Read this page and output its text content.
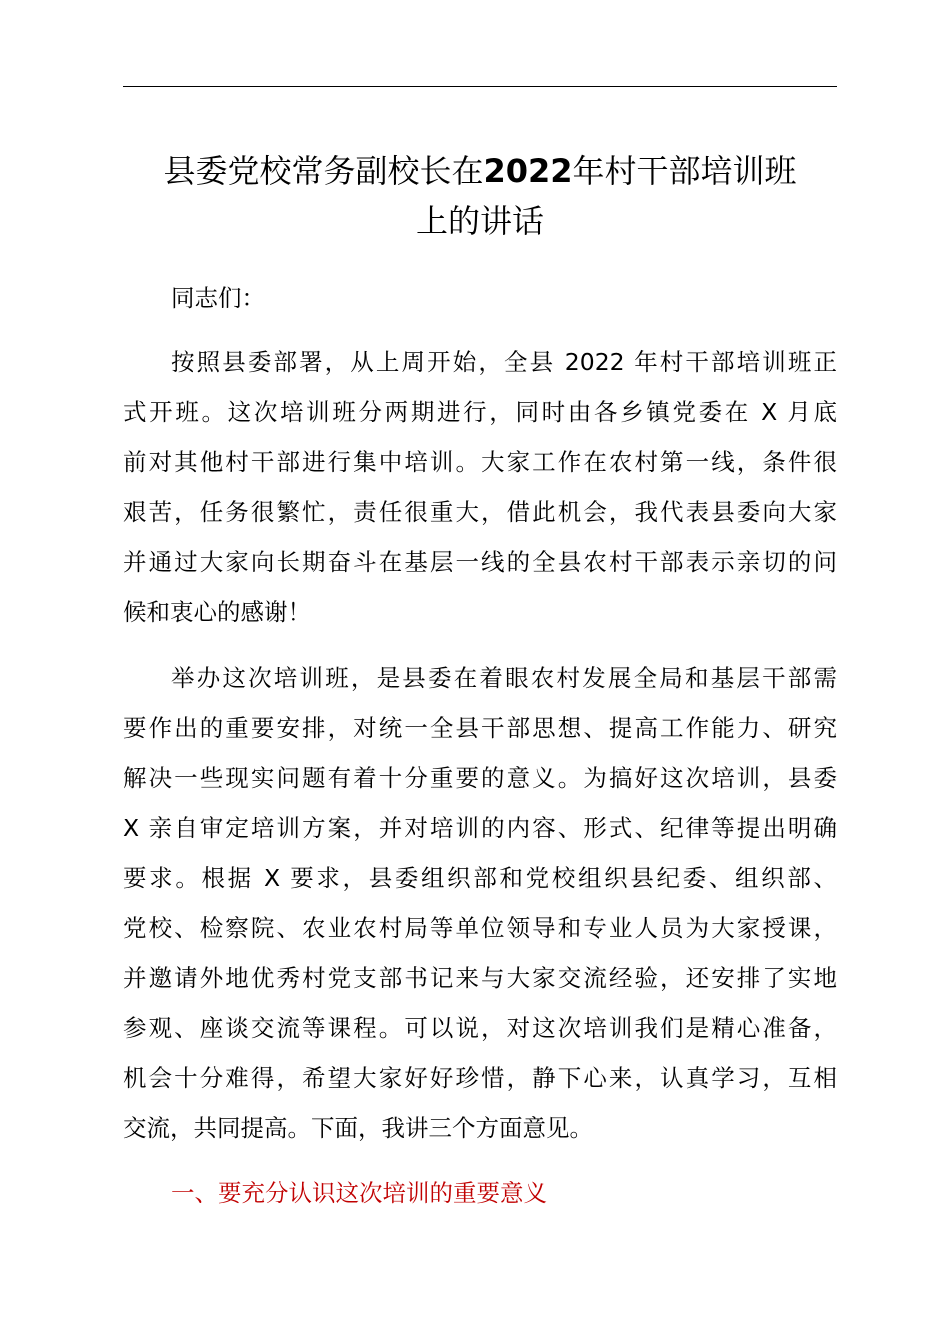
县委党校常务副校长在2022年村干部培训班
上的讲话
同志们：
按照县委部署，从上周开始，全县 2022 年村干部培训班正
式开班。这次培训班分两期进行，同时由各乡镇党委在 X 月底
前对其他村干部进行集中培训。大家工作在农村第一线，条件很
艰苦，任务很繁忙，责任很重大，借此机会，我代表县委向大家
并通过大家向长期奋斗在基层一线的全县农村干部表示亲切的问
候和衷心的感谢！
举办这次培训班，是县委在着眼农村发展全局和基层干部需
要作出的重要安排，对统一全县干部思想、提高工作能力、研究
解决一些现实问题有着十分重要的意义。为搞好这次培训，县委
X 亲自审定培训方案，并对培训的内容、形式、纪律等提出明确
要求。根据 X 要求，县委组织部和党校组织县纪委、组织部、
党校、检察院、农业农村局等单位领导和专业人员为大家授课，
并邀请外地优秀村党支部书记来与大家交流经验，还安排了实地
参观、座谈交流等课程。可以说，对这次培训我们是精心准备，
机会十分难得，希望大家好好珍惜，静下心来，认真学习，互相
交流，共同提高。下面，我讲三个方面意见。
一、要充分认识这次培训的重要意义
